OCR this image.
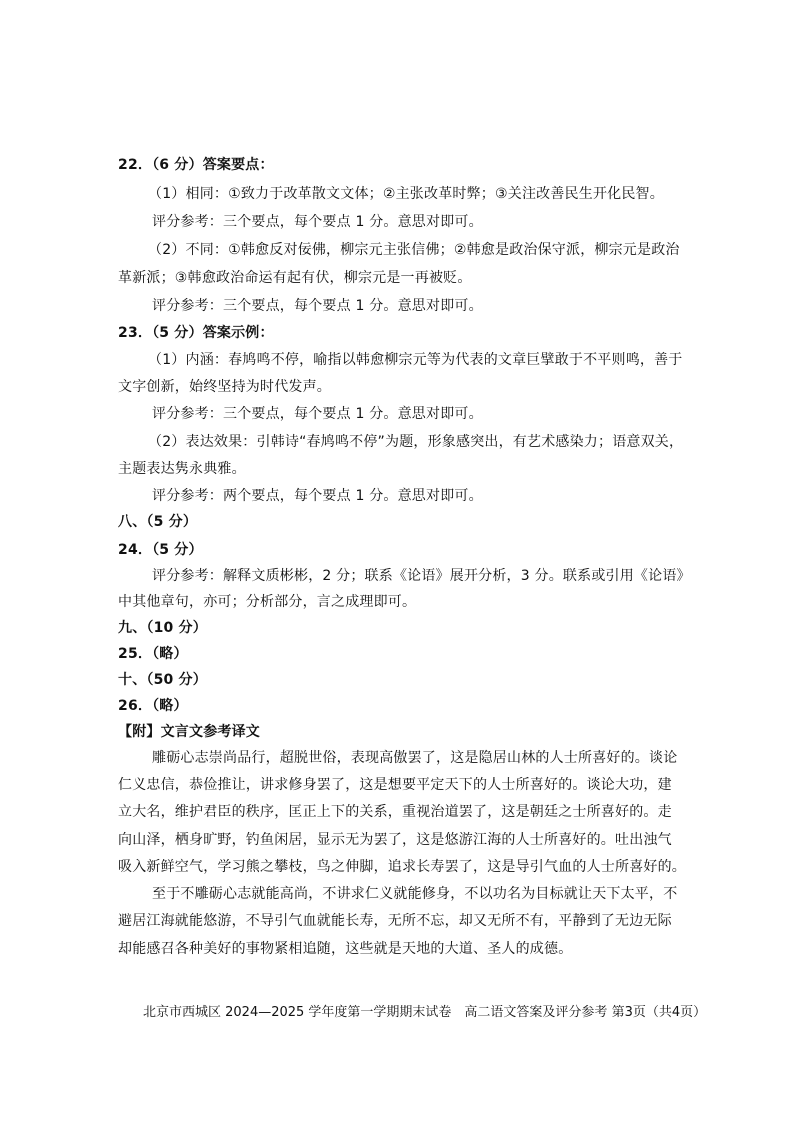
22．（6 分）答案要点：
（1）相同：①致力于改革散文文体；②主张改革时弊；③关注改善民生开化民智。
评分参考：三个要点，每个要点 1 分。意思对即可。
（2）不同：①韩愈反对佞佛，柳宗元主张信佛；②韩愈是政治保守派，柳宗元是政治
革新派；③韩愈政治命运有起有伏，柳宗元是一再被贬。
评分参考：三个要点，每个要点 1 分。意思对即可。
23．（5 分）答案示例：
（1）内涵：春鸠鸣不停，喻指以韩愈柳宗元等为代表的文章巨擘敢于不平则鸣，善于
文字创新，始终坚持为时代发声。
评分参考：三个要点，每个要点 1 分。意思对即可。
（2）表达效果：引韩诗“春鸠鸣不停”为题，形象感突出，有艺术感染力；语意双关，
主题表达隽永典雅。
评分参考：两个要点，每个要点 1 分。意思对即可。
八、（5 分）
24．（5 分）
评分参考：解释文质彬彬，2 分；联系《论语》展开分析，3 分。联系或引用《论语》
中其他章句，亦可；分析部分，言之成理即可。
九、（10 分）
25．（略）
十、（50 分）
26．（略）
【附】文言文参考译文
雕砺心志崇尚品行，超脱世俗，表现高傲罢了，这是隐居山林的人士所喜好的。谈论
仁义忠信，恭俭推让，讲求修身罢了，这是想要平定天下的人士所喜好的。谈论大功，建
立大名，维护君臣的秩序，匡正上下的关系，重视治道罢了，这是朝廷之士所喜好的。走
向山泽，栖身旷野，钓鱼闲居，显示无为罢了，这是悠游江海的人士所喜好的。吐出浊气
吸入新鲜空气，学习熊之攀枝，鸟之伸脚，追求长寿罢了，这是导引气血的人士所喜好的。
至于不雕砺心志就能高尚，不讲求仁义就能修身，不以功名为目标就让天下太平，不
避居江海就能悠游，不导引气血就能长寿，无所不忘，却又无所不有，平静到了无边无际
却能感召各种美好的事物紧相追随，这些就是天地的大道、圣人的成德。
北京市西城区 2024—2025 学年度第一学期期末试卷　高二语文答案及评分参考 第3页（共4页）
